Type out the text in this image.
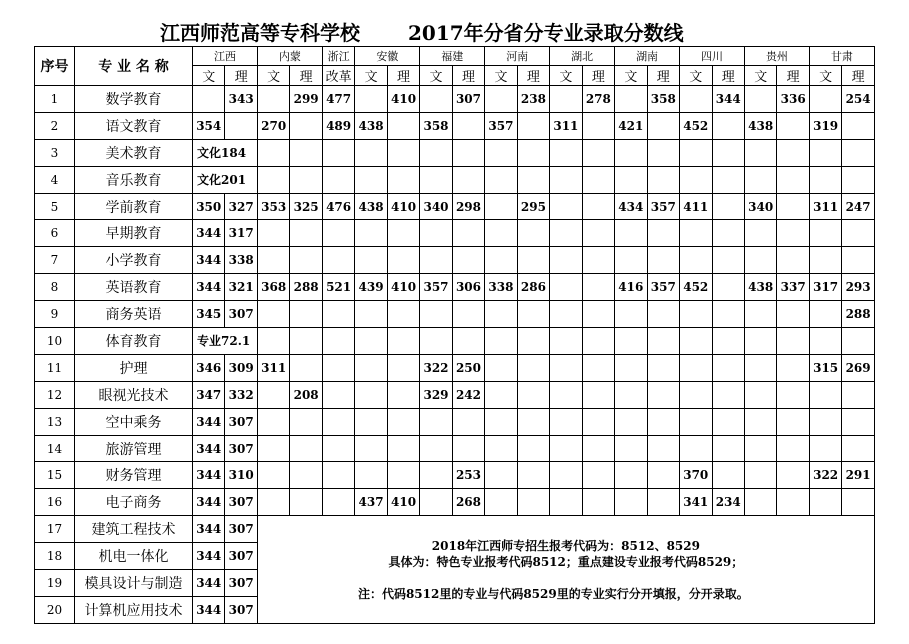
江西师范高等专科学校 2017年分省分专业录取分数线
序号	专 业 名 称	江西		内蒙		浙江	安徽		福建		河南		湖北		湖南		四川		贵州		甘肃	
		文	理	文	理	改革	文	理	文	理	文	理	文	理	文	理	文	理	文	理	文	理
1	数学教育		343		299	477		410		307		238		278		358		344		336		254
2	语文教育	354		270		489	438		358		357		311		421		452		438		319	
3	美术教育	文化184																				
4	音乐教育	文化201																				
5	学前教育	350	327	353	325	476	438	410	340	298		295			434	357	411		340		311	247
6	早期教育	344	317																			
7	小学教育	344	338																			
8	英语教育	344	321	368	288	521	439	410	357	306	338	286			416	357	452		438	337	317	293
9	商务英语	345	307																			288
10	体育教育	专业72.1																				
11	护理	346	309	311					322	250											315	269
12	眼视光技术	347	332		208				329	242												
13	空中乘务	344	307																			
14	旅游管理	344	307																			
15	财务管理	344	310							253							370				322	291
16	电子商务	344	307				437	410		268							341	234				
17	建筑工程技术	344	307	2018年江西师专招生报考代码为：8512、8529
具体为：特色专业报考代码8512；重点建设专业报考代码8529；

注：代码8512里的专业与代码8529里的专业实行分开填报，分开录取。																		

18	机电一体化	344	307																			
19	模具设计与制造	344	307																			
20	计算机应用技术	344	307																			
